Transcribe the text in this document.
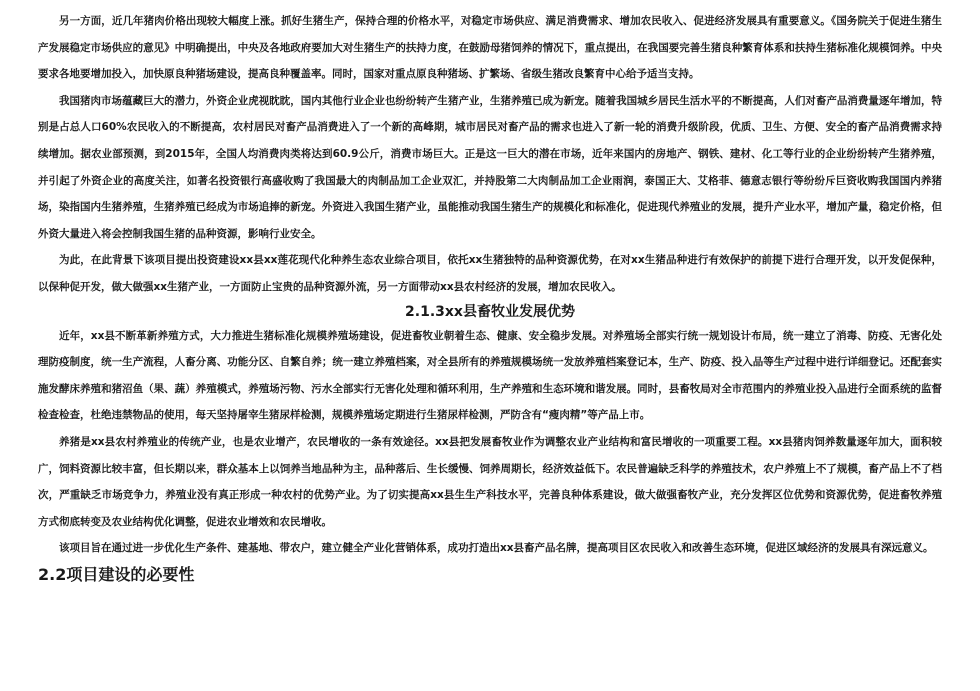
另一方面，近几年猪肉价格出现较大幅度上涨。抓好生猪生产，保持合理的价格水平，对稳定市场供应、满足消费需求、增加农民收入、促进经济发展具有重要意义。《国务院关于促进生猪生产发展稳定市场供应的意见》中明确提出，中央及各地政府要加大对生猪生产的扶持力度，在鼓励母猪饲养的情况下，重点提出，在我国要完善生猪良种繁育体系和扶持生猪标准化规模饲养。中央要求各地要增加投入，加快原良种猪场建设，提高良种覆盖率。同时，国家对重点原良种猪场、扩繁场、省级生猪改良繁育中心给予适当支持。

我国猪肉市场蕴藏巨大的潜力，外资企业虎视眈眈，国内其他行业企业也纷纷转产生猪产业，生猪养殖已成为新宠。随着我国城乡居民生活水平的不断提高，人们对畜产品消费量逐年增加，特别是占总人口60%农民收入的不断提高，农村居民对畜产品消费进入了一个新的高峰期，城市居民对畜产品的需求也进入了新一轮的消费升级阶段，优质、卫生、方便、安全的畜产品消费需求持续增加。据农业部预测，到2015年，全国人均消费肉类将达到60.9公斤，消费市场巨大。正是这一巨大的潜在市场，近年来国内的房地产、钢铁、建材、化工等行业的企业纷纷转产生猪养殖，并引起了外资企业的高度关注，如著名投资银行高盛收购了我国最大的肉制品加工企业双汇，并持股第二大肉制品加工企业雨润，泰国正大、艾格菲、德意志银行等纷纷斥巨资收购我国国内养猪场，染指国内生猪养殖，生猪养殖已经成为市场追捧的新宠。外资进入我国生猪产业，虽能推动我国生猪生产的规模化和标准化，促进现代养殖业的发展，提升产业水平，增加产量，稳定价格，但外资大量进入将会控制我国生猪的品种资源，影响行业安全。

为此，在此背景下该项目提出投资建设xx县xx莲花现代化种养生态农业综合项目，依托xx生猪独特的品种资源优势，在对xx生猪品种进行有效保护的前提下进行合理开发，以开发促保种，以保种促开发，做大做强xx生猪产业，一方面防止宝贵的品种资源外流，另一方面带动xx县农村经济的发展，增加农民收入。

2.1.3xx县畜牧业发展优势

近年，xx县不断革新养殖方式，大力推进生猪标准化规模养殖场建设，促进畜牧业朝着生态、健康、安全稳步发展。对养殖场全部实行统一规划设计布局，统一建立了消毒、防疫、无害化处理防疫制度，统一生产流程，人畜分离、功能分区、自繁自养；统一建立养殖档案，对全县所有的养殖规模场统一发放养殖档案登记本，生产、防疫、投入品等生产过程中进行详细登记。还配套实施发酵床养殖和猪沼鱼（果、蔬）养殖模式，养殖场污物、污水全部实行无害化处理和循环利用，生产养殖和生态环境和谐发展。同时，县畜牧局对全市范围内的养殖业投入品进行全面系统的监督检查检查，杜绝违禁物品的使用，每天坚持屠宰生猪尿样检测，规模养殖场定期进行生猪尿样检测，严防含有“瘦肉精”等产品上市。

养猪是xx县农村养殖业的传统产业，也是农业增产，农民增收的一条有效途径。xx县把发展畜牧业作为调整农业产业结构和富民增收的一项重要工程。xx县猪肉饲养数量逐年加大，面积较广，饲料资源比较丰富，但长期以来，群众基本上以饲养当地品种为主，品种落后、生长缓慢、饲养周期长，经济效益低下。农民普遍缺乏科学的养殖技术，农户养殖上不了规模，畜产品上不了档次，严重缺乏市场竞争力，养殖业没有真正形成一种农村的优势产业。为了切实提高xx县生生产科技水平，完善良种体系建设，做大做强畜牧产业，充分发挥区位优势和资源优势，促进畜牧养殖方式彻底转变及农业结构优化调整，促进农业增效和农民增收。

该项目旨在通过进一步优化生产条件、建基地、带农户，建立健全产业化营销体系，成功打造出xx县畜产品名牌，提高项目区农民收入和改善生态环境，促进区域经济的发展具有深远意义。

2.2项目建设的必要性
